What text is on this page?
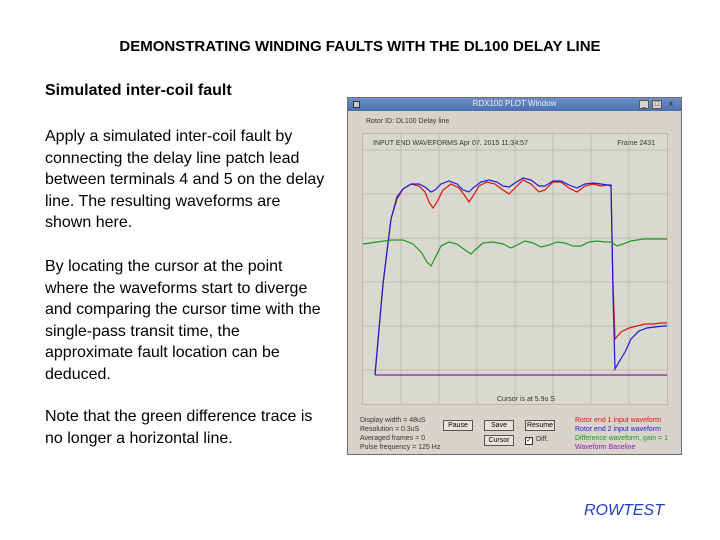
DEMONSTRATING WINDING FAULTS WITH THE DL100 DELAY LINE
Simulated inter-coil fault

Apply a simulated inter-coil fault by connecting the delay line patch lead between terminals 4 and 5 on the delay line. The resulting waveforms are shown here.

By locating the cursor at the point where the waveforms start to diverge and comparing the cursor time with the single-pass transit time, the approximate fault location can be deduced.

Note that the green difference trace is no longer a horizontal line.

ROWTEST
RDX100 PLOT Window	_	□	x
Rotor ID: DL100 Delay line
INPUT END WAVEFORMS Apr 07, 2015 11:34:57	Frame 2431
Cursor is at 5.9u S
Display width = 48uS
Resolution = 0.3uS
Averaged frames = 0
Pulse frequency = 125 Hz
Pause	Save	Resume
Cursor	✓ Diff.
Rotor end 1 input waveform
Rotor end 2 input waveform
Difference waveform, gain = 1
Waveform Baseline
